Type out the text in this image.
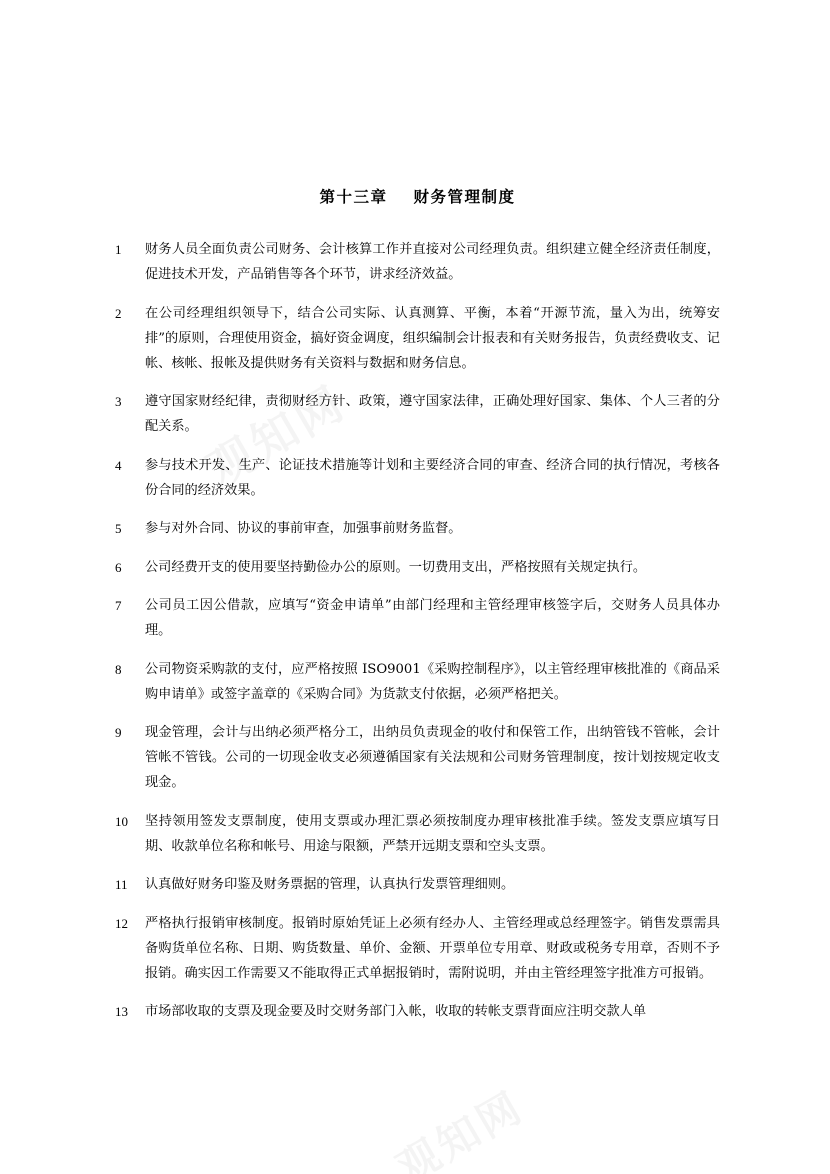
第十三章 财务管理制度
1	财务人员全面负责公司财务、会计核算工作并直接对公司经理负责。组织建立健全经济责任制度，促进技术开发，产品销售等各个环节，讲求经济效益。
2	在公司经理组织领导下，结合公司实际、认真测算、平衡，本着“开源节流，量入为出，统筹安排”的原则，合理使用资金，搞好资金调度，组织编制会计报表和有关财务报告，负责经费收支、记帐、核帐、报帐及提供财务有关资料与数据和财务信息。
3	遵守国家财经纪律，责彻财经方针、政策，遵守国家法律，正确处理好国家、集体、个人三者的分配关系。
4	参与技术开发、生产、论证技术措施等计划和主要经济合同的审查、经济合同的执行情况，考核各份合同的经济效果。
5	参与对外合同、协议的事前审查，加强事前财务监督。
6	公司经费开支的使用要坚持勤俭办公的原则。一切费用支出，严格按照有关规定执行。
7	公司员工因公借款，应填写“资金申请单”由部门经理和主管经理审核签字后，交财务人员具体办理。
8	公司物资采购款的支付，应严格按照 ISO9001《采购控制程序》，以主管经理审核批准的《商品采购申请单》或签字盖章的《采购合同》为货款支付依据，必须严格把关。
9	现金管理，会计与出纳必须严格分工，出纳员负责现金的收付和保管工作，出纳管钱不管帐，会计管帐不管钱。公司的一切现金收支必须遵循国家有关法规和公司财务管理制度，按计划按规定收支现金。
10	坚持领用签发支票制度，使用支票或办理汇票必须按制度办理审核批准手续。签发支票应填写日期、收款单位名称和帐号、用途与限额，严禁开远期支票和空头支票。
11	认真做好财务印鉴及财务票据的管理，认真执行发票管理细则。
12	严格执行报销审核制度。报销时原始凭证上必须有经办人、主管经理或总经理签字。销售发票需具备购货单位名称、日期、购货数量、单价、金额、开票单位专用章、财政或税务专用章，否则不予报销。确实因工作需要又不能取得正式单据报销时，需附说明，并由主管经理签字批准方可报销。
13	市场部收取的支票及现金要及时交财务部门入帐，收取的转帐支票背面应注明交款人单
